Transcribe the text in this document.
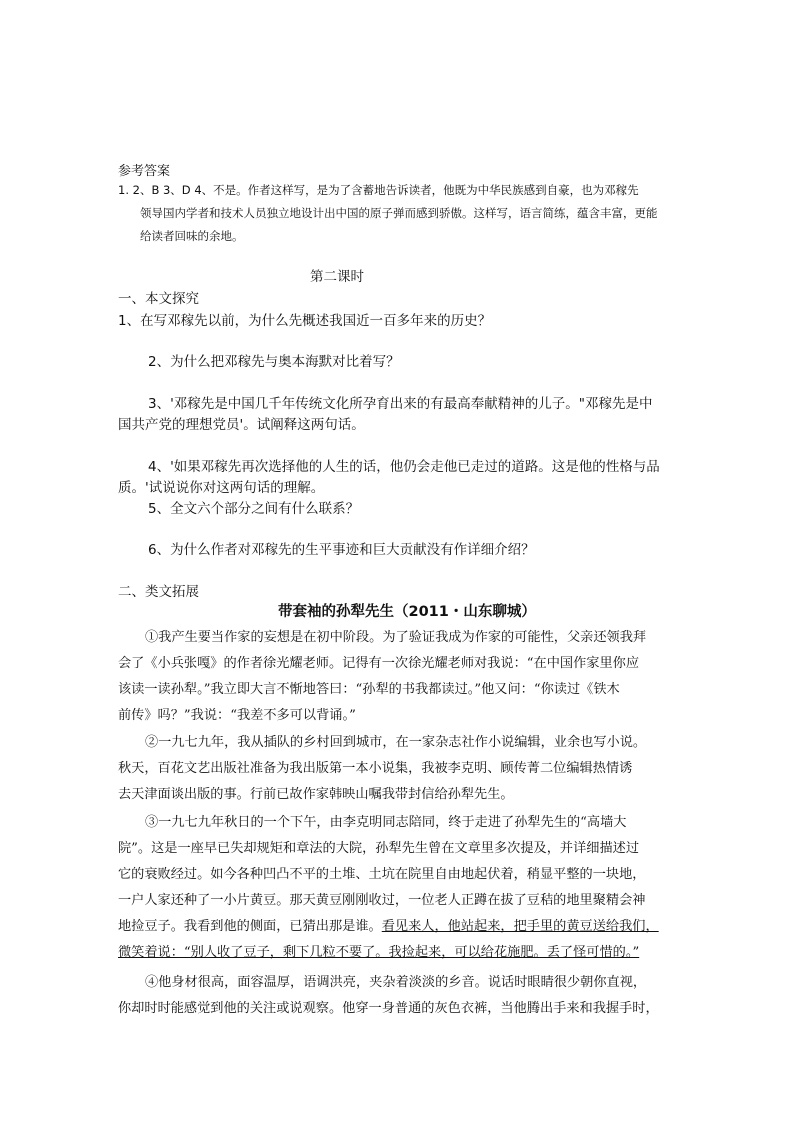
参考答案
1. 2、B 3、D 4、不是。作者这样写，是为了含蓄地告诉读者，他既为中华民族感到自豪，也为邓稼先
领导国内学者和技术人员独立地设计出中国的原子弹而感到骄傲。这样写，语言简练，蕴含丰富，更能
给读者回味的余地。
第二课时
一、本文探究
1、在写邓稼先以前，为什么先概述我国近一百多年来的历史？
2、为什么把邓稼先与奥本海默对比着写？
3、'邓稼先是中国几千年传统文化所孕育出来的有最高奉献精神的儿子。"邓稼先是中
国共产党的理想党员'。试阐释这两句话。
4、'如果邓稼先再次选择他的人生的话，他仍会走他已走过的道路。这是他的性格与品
质。'试说说你对这两句话的理解。
5、全文六个部分之间有什么联系？
6、为什么作者对邓稼先的生平事迹和巨大贡献没有作详细介绍？
二、类文拓展
带套袖的孙犁先生（2011・山东聊城）
①我产生要当作家的妄想是在初中阶段。为了验证我成为作家的可能性，父亲还领我拜
会了《小兵张嘎》的作者徐光耀老师。记得有一次徐光耀老师对我说：“在中国作家里你应
该读一读孙犁。”我立即大言不惭地答曰：“孙犁的书我都读过。”他又问：“你读过《铁木
前传》吗？”我说：“我差不多可以背诵。”
②一九七九年，我从插队的乡村回到城市，在一家杂志社作小说编辑，业余也写小说。
秋天，百花文艺出版社准备为我出版第一本小说集，我被李克明、顾传菁二位编辑热情诱
去天津面谈出版的事。行前已故作家韩映山嘱我带封信给孙犁先生。
③一九七九年秋日的一个下午，由李克明同志陪同，终于走进了孙犁先生的“高墙大
院”。这是一座早已失却规矩和章法的大院，孙犁先生曾在文章里多次提及，并详细描述过
它的衰败经过。如今各种凹凸不平的土堆、土坑在院里自由地起伏着，稍显平整的一块地，
一户人家还种了一小片黄豆。那天黄豆刚刚收过，一位老人正蹲在拔了豆秸的地里聚精会神
地捡豆子。我看到他的侧面，已猜出那是谁。看见来人，他站起来，把手里的黄豆送给我们，
微笑着说：“别人收了豆子，剩下几粒不要了。我捡起来，可以给花施肥。丢了怪可惜的。”
④他身材很高，面容温厚，语调洪亮，夹杂着淡淡的乡音。说话时眼睛很少朝你直视，
你却时时能感觉到他的关注或说观察。他穿一身普通的灰色衣裤，当他腾出手来和我握手时，
